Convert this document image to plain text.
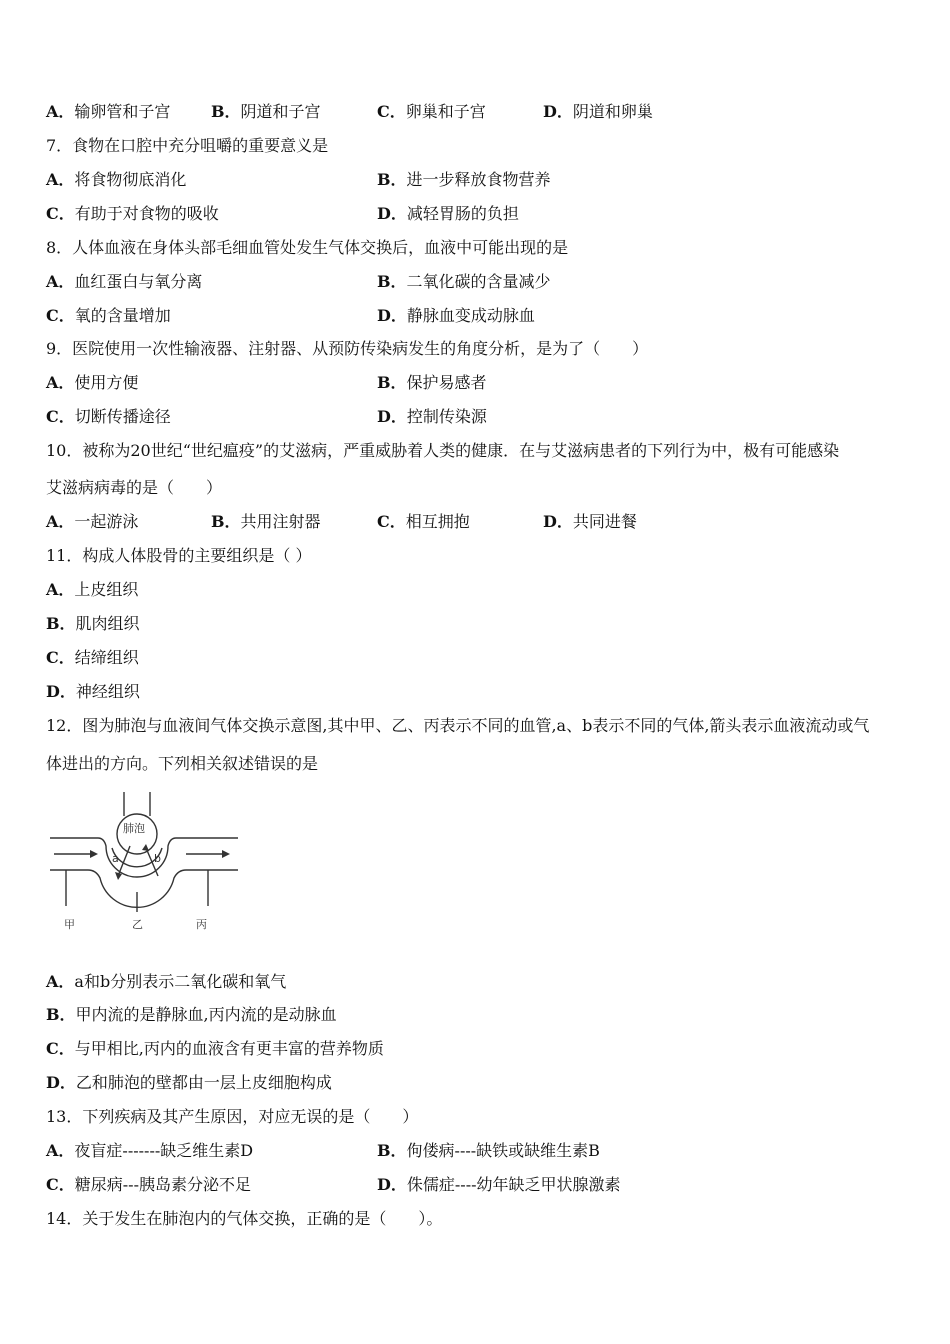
A．输卵管和子宫	B．阴道和子宫	C．卵巢和子宫	D．阴道和卵巢
7．食物在口腔中充分咀嚼的重要意义是
A．将食物彻底消化	B．进一步释放食物营养
C．有助于对食物的吸收	D．减轻胃肠的负担
8．人体血液在身体头部毛细血管处发生气体交换后，血液中可能出现的是
A．血红蛋白与氧分离	B．二氧化碳的含量减少
C．氧的含量增加	D．静脉血变成动脉血
9．医院使用一次性输液器、注射器、从预防传染病发生的角度分析，是为了（　　）
A．使用方便	B．保护易感者
C．切断传播途径	D．控制传染源
10．被称为20世纪“世纪瘟疫”的艾滋病，严重威胁着人类的健康．在与艾滋病患者的下列行为中，极有可能感染
艾滋病病毒的是（　　）
A．一起游泳	B．共用注射器	C．相互拥抱	D．共同进餐
11．构成人体股骨的主要组织是（ ）
A．上皮组织
B．肌肉组织
C．结缔组织
D．神经组织
12．图为肺泡与血液间气体交换示意图,其中甲、乙、丙表示不同的血管,a、b表示不同的气体,箭头表示血液流动或气
体进出的方向。下列相关叙述错误的是
肺泡
a	b
甲	乙	丙
A．a和b分别表示二氧化碳和氧气
B．甲内流的是静脉血,丙内流的是动脉血
C．与甲相比,丙内的血液含有更丰富的营养物质
D．乙和肺泡的壁都由一层上皮细胞构成
13．下列疾病及其产生原因，对应无误的是（　　）
A．夜盲症-------缺乏维生素D	B．佝偻病----缺铁或缺维生素B
C．糖尿病---胰岛素分泌不足	D．侏儒症----幼年缺乏甲状腺激素
14．关于发生在肺泡内的气体交换，正确的是（　　）。
